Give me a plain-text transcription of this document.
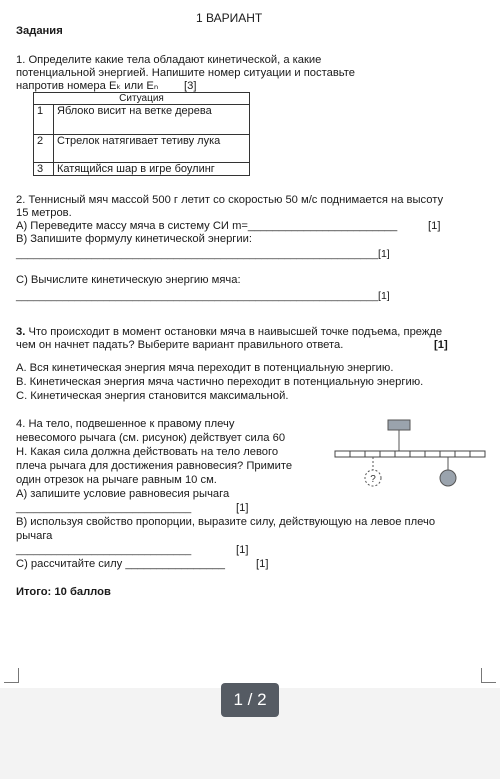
1 ВАРИАНТ
Задания
1. Определите какие тела обладают кинетической, а какие
потенциальной энергией. Напишите номер ситуации и поставьте
напротив номера Eₖ или Eₙ [3]
Ситуация	
1	Яблоко висит на ветке дерева
2	Стрелок натягивает тетиву лука
3	Катящийся шар в игре боулинг
2. Теннисный мяч массой 500 г летит со скоростью 50 м/с поднимается на высоту
15 метров.
А) Переведите массу мяча в систему СИ m=________________________	[1]
В) Запишите формулу кинетической энергии:
______________________________________________________________[1]
С) Вычислите кинетическую энергию мяча:
______________________________________________________________[1]
3. Что происходит в момент остановки мяча в наивысшей точке подъема, прежде
чем он начнет падать? Выберите вариант правильного ответа.	[1]
A. Вся кинетическая энергия мяча переходит в потенциальную энергию.
B. Кинетическая энергия мяча частично переходит в потенциальную энергию.
C. Кинетическая энергия становится максимальной.
4. На тело, подвешенное к правому плечу
невесомого рычага (см. рисунок) действует сила 60
Н. Какая сила должна действовать на тело левого
плеча рычага для достижения равновесия? Примите
один отрезок на рычаге равным 10 см.
А) запишите условие равновесия рычага
______________________________	[1]
B) используя свойство пропорции, выразите силу, действующую на левое плечо
рычага
______________________________	[1]
С) рассчитайте силу ________________	[1]
?
Итого: 10 баллов
1 / 2
